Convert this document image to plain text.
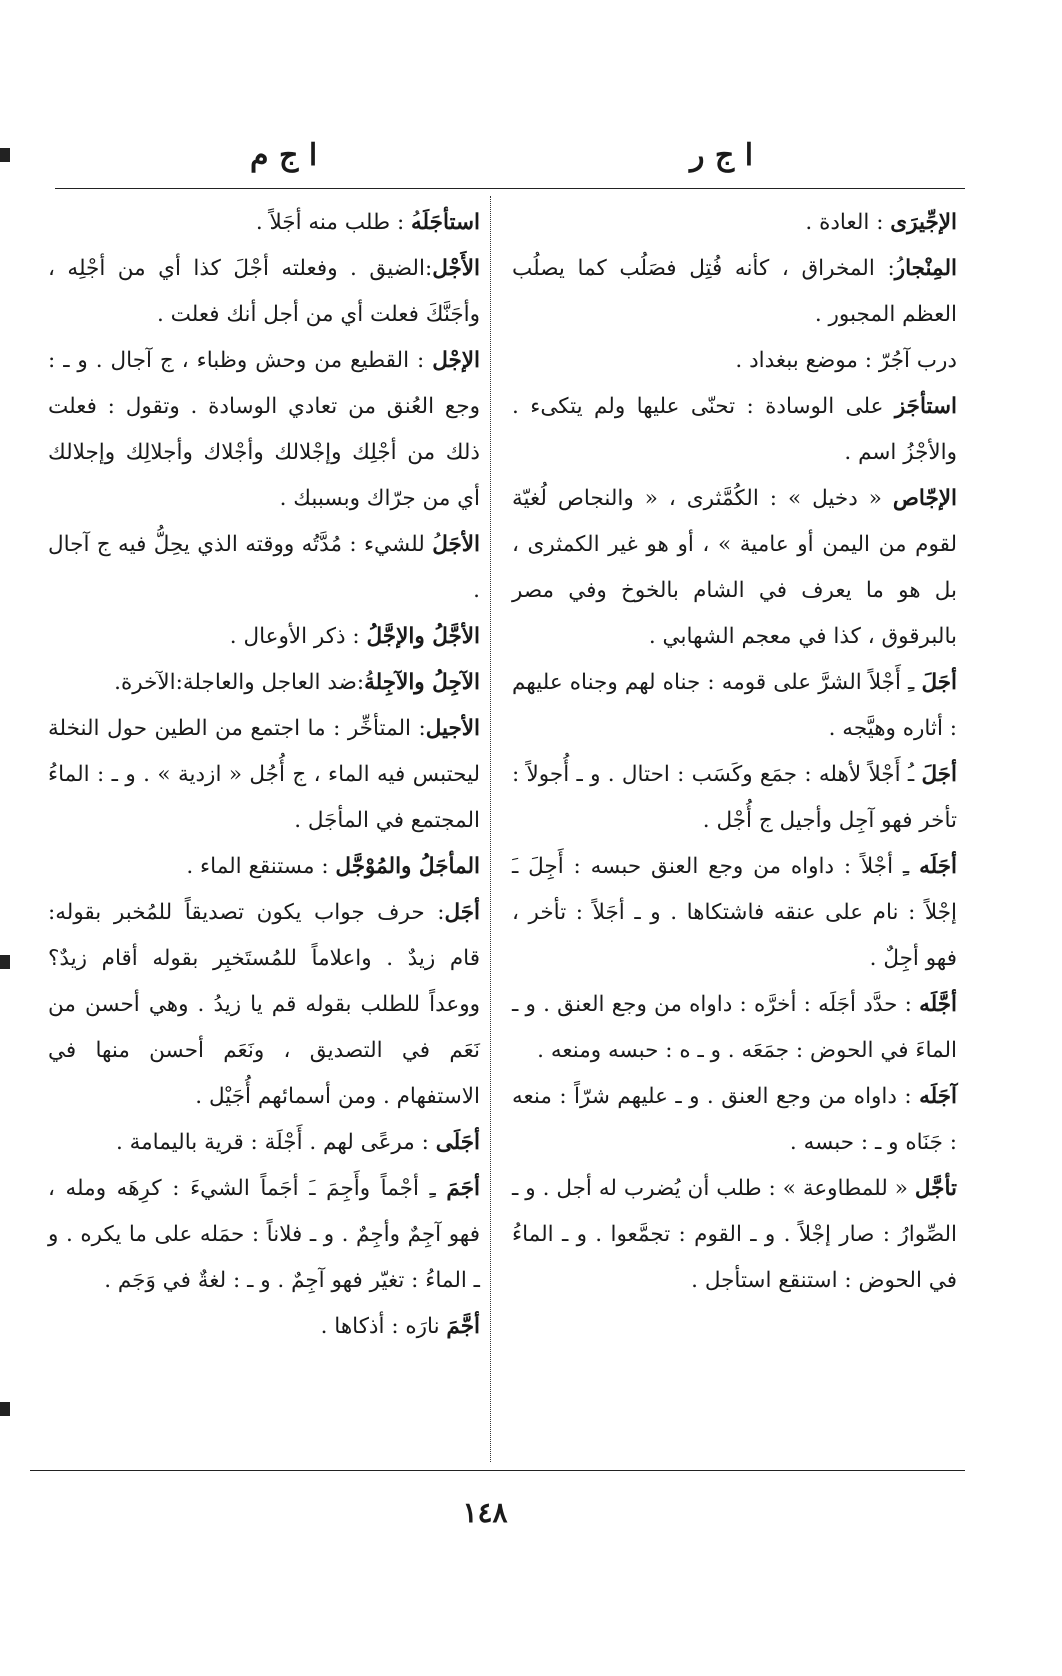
ا ج م	ا ج ر

الإجِّيرَى : العادة .

المِنْجارُ: المخراق ، كأنه فُتِل فصَلُب كما يصلُب العظم المجبور .

درب آجُرّ : موضع ببغداد .

استأجَز على الوسادة : تحنّى عليها ولم يتكىء . والأجْزُ اسم .

الإجّاص « دخيل » : الكُمَّثرى ، « والنجاص لُغيّة لقوم من اليمن أو عامية » ، أو هو غير الكمثرى ، بل هو ما يعرف في الشام بالخوخ وفي مصر بالبرقوق ، كذا في معجم الشهابي .

أجَلَ ـِ أَجْلاً الشرَّ على قومه : جناه لهم وجناه عليهم : أثاره وهيَّجه .

أجَلَ ـُ أَجْلاً لأهله : جمَع وكَسَب : احتال . و ـ أُجولاً : تأخر فهو آجِل وأجيل ج أُجْل .

أجَلَه ـِ أجْلاً : داواه من وجع العنق حبسه : أَجِلَ ـَ إجْلاً : نام على عنقه فاشتكاها . و ـ أجَلاً : تأخر ، فهو أجِلٌ .

أجَّلَه : حدَّد أجَلَه : أخرَّه : داواه من وجع العنق . و ـ الماءَ في الحوض : جمَعَه . و ـ ه : حبسه ومنعه .

آجَلَه : داواه من وجع العنق . و ـ عليهم شرّاً : منعه : جَنَاه و ـ : حبسه .

تأجَّل « للمطاوعة » : طلب أن يُضرب له أجل . و ـ الصِّوارُ : صار إجْلاً . و ـ القوم : تجمَّعوا . و ـ الماءُ في الحوض : استنقع استأجل .

استأجَلَهُ : طلب منه أجَلاً .

الأَجْل:الضيق . وفعلته أجْلَ كذا أي من أجْلِه ، وأجَنَّكَ فعلت أي من أجل أنك فعلت .

الإجْل : القطيع من وحش وظباء ، ج آجال . و ـ : وجع العُنق من تعادي الوسادة . وتقول : فعلت ذلك من أجْلِك وإجْلالك وأجْلاك وأجلالِك وإجلالك أي من جرّاك وبسببك .

الأجَلُ للشيء : مُدَّتُه ووقته الذي يحِلُّ فيه ج آجال .

الأجَّلُ والإجَّلُ : ذكر الأوعال .

الآجِلُ والآجِلةُ:ضد العاجل والعاجلة:الآخرة.

الأجيل: المتأخِّر : ما اجتمع من الطين حول النخلة ليحتبس فيه الماء ، ج أُجُل « ازدية » . و ـ : الماءُ المجتمع في المأجَل .

المأجَلُ والمُوْجَّل : مستنقع الماء .

أجَل: حرف جواب يكون تصديقاً للمُخبر بقوله: قام زيدٌ . واعلاماً للمُستَخبِر بقوله أقام زيدٌ؟ ووعداً للطلب بقوله قم يا زيدُ . وهي أحسن من نَعَم في التصديق ، ونَعَم أحسن منها في الاستفهام . ومن أسمائهم أُجَيْل .

أجَلَى : مرعًى لهم . أَجْلَة : قرية باليمامة .

أجَمَ ـِ أجْماً وأَجِمَ ـَ أجَماً الشيءَ : كرِهَه ومله ، فهو آجِمٌ وأجِمٌ . و ـ فلاناً : حمَله على ما يكره . و ـ الماءُ : تغيّر فهو آجِمٌ . و ـ : لغةٌ في وَجَم .

أجَّمَ نارَه : أذكاها .

١٤٨
